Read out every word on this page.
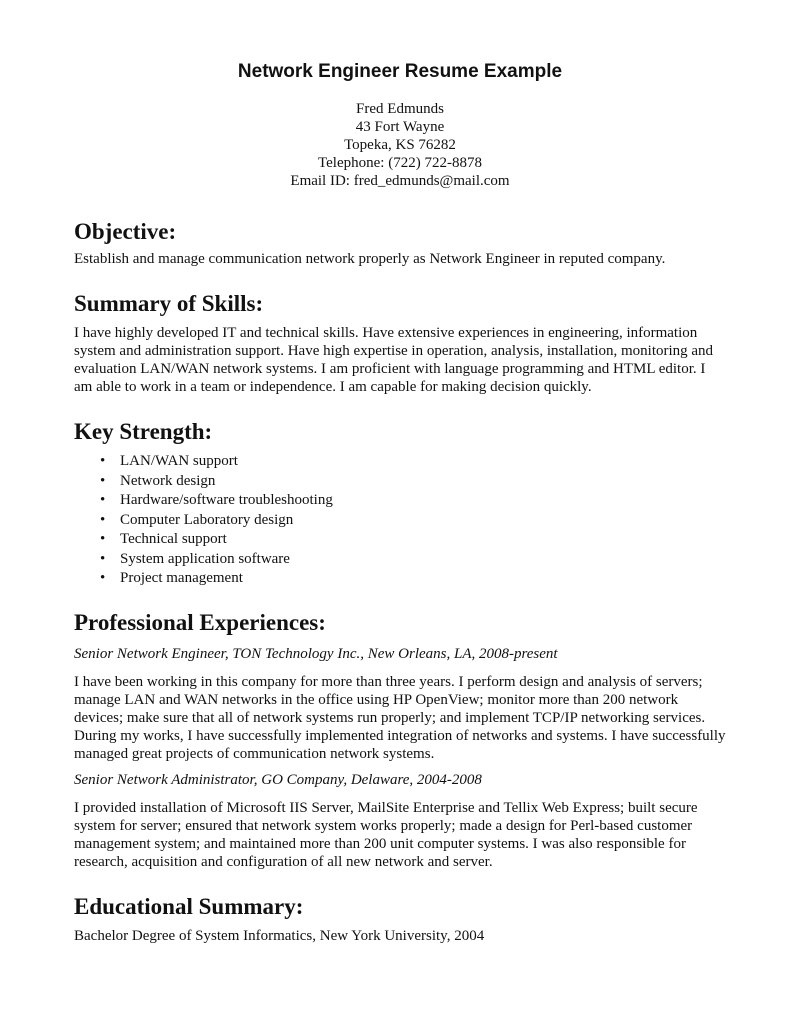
Network Engineer Resume Example
Fred Edmunds
43 Fort Wayne
Topeka, KS 76282
Telephone: (722) 722-8878
Email ID: fred_edmunds@mail.com
Objective:

Establish and manage communication network properly as Network Engineer in reputed company.

Summary of Skills:

I have highly developed IT and technical skills. Have extensive experiences in engineering, information system and administration support. Have high expertise in operation, analysis, installation, monitoring and evaluation LAN/WAN network systems. I am proficient with language programming and HTML editor. I am able to work in a team or independence. I am capable for making decision quickly.

Key Strength:
• LAN/WAN support
• Network design
• Hardware/software troubleshooting
• Computer Laboratory design
• Technical support
• System application software
• Project management
Professional Experiences:
Senior Network Engineer, TON Technology Inc., New Orleans, LA, 2008-present

I have been working in this company for more than three years. I perform design and analysis of servers; manage LAN and WAN networks in the office using HP OpenView; monitor more than 200 network devices; make sure that all of network systems run properly; and implement TCP/IP networking services. During my works, I have successfully implemented integration of networks and systems. I have successfully managed great projects of communication network systems.

Senior Network Administrator, GO Company, Delaware, 2004-2008

I provided installation of Microsoft IIS Server, MailSite Enterprise and Tellix Web Express; built secure system for server; ensured that network system works properly; made a design for Perl-based customer management system; and maintained more than 200 unit computer systems. I was also responsible for research, acquisition and configuration of all new network and server.

Educational Summary:

Bachelor Degree of System Informatics, New York University, 2004
